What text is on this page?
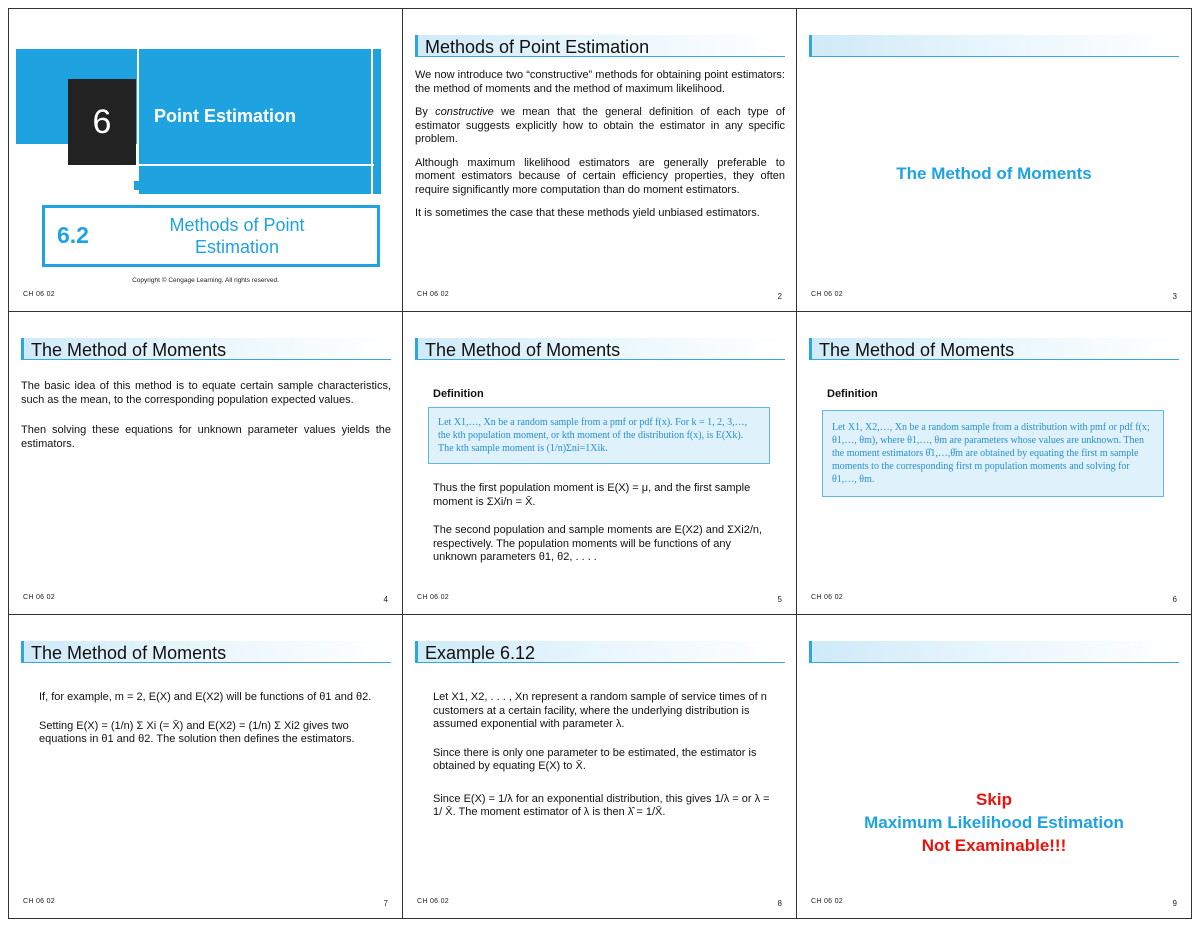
6	Point Estimation
6.2	Methods of Point
Estimation
Copyright © Cengage Learning. All rights reserved.
CH 06 02
Methods of Point Estimation

We now introduce two “constructive” methods for obtaining point estimators: the method of moments and the method of maximum likelihood.

By constructive we mean that the general definition of each type of estimator suggests explicitly how to obtain the estimator in any specific problem.

Although maximum likelihood estimators are generally preferable to moment estimators because of certain efficiency properties, they often require significantly more computation than do moment estimators.

It is sometimes the case that these methods yield unbiased estimators.

CH 06 02	2
The Method of Moments
CH 06 02	3
The Method of Moments

The basic idea of this method is to equate certain sample characteristics, such as the mean, to the corresponding population expected values.

Then solving these equations for unknown parameter values yields the estimators.

CH 06 02	4
The Method of Moments
Definition
Let X1,…, Xn be a random sample from a pmf or pdf f(x). For k = 1, 2, 3,…, the kth population moment, or kth moment of the distribution f(x), is E(Xk). The kth sample moment is (1/n)Σni=1Xik.

Thus the first population moment is E(X) = μ, and the first sample moment is ΣXi/n = X̄.

The second population and sample moments are E(X2) and ΣXi2/n, respectively. The population moments will be functions of any unknown parameters θ1, θ2, . . . .

CH 06 02	5
The Method of Moments
Definition
Let X1, X2,…, Xn be a random sample from a distribution with pmf or pdf f(x; θ1,…, θm), where θ1,…, θm are parameters whose values are unknown. Then the moment estimators θ̂1,…,θ̂m are obtained by equating the first m sample moments to the corresponding first m population moments and solving for θ1,…, θm.
CH 06 02	6
The Method of Moments

If, for example, m = 2, E(X) and E(X2) will be functions of θ1 and θ2.

Setting E(X) = (1/n) Σ Xi (= X̄) and E(X2) = (1/n) Σ Xi2 gives two equations in θ1 and θ2. The solution then defines the estimators.

CH 06 02	7
Example 6.12

Let X1, X2, . . . , Xn represent a random sample of service times of n customers at a certain facility, where the underlying distribution is assumed exponential with parameter λ.

Since there is only one parameter to be estimated, the estimator is obtained by equating E(X) to X̄.

Since E(X) = 1/λ for an exponential distribution, this gives 1/λ = or λ = 1/ X̄. The moment estimator of λ is then λ̂ = 1/X̄.

CH 06 02	8
Skip
Maximum Likelihood Estimation
Not Examinable!!!
CH 06 02	9
